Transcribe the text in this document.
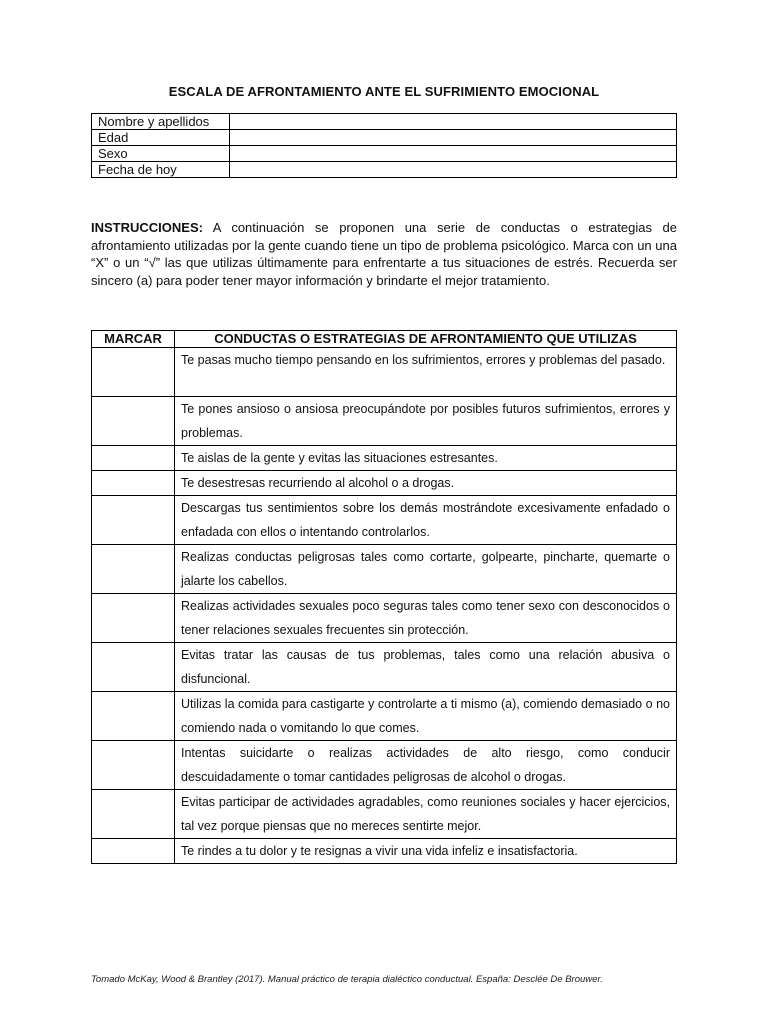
ESCALA DE AFRONTAMIENTO ANTE EL SUFRIMIENTO EMOCIONAL
Nombre y apellidos	
Edad	
Sexo	
Fecha de hoy	

INSTRUCCIONES: A continuación se proponen una serie de conductas o estrategias de afrontamiento utilizadas por la gente cuando tiene un tipo de problema psicológico. Marca con un una “X” o un “√” las que utilizas últimamente para enfrentarte a tus situaciones de estrés. Recuerda ser sincero (a) para poder tener mayor información y brindarte el mejor tratamiento.

MARCAR	CONDUCTAS O ESTRATEGIAS DE AFRONTAMIENTO QUE UTILIZAS
	Te pasas mucho tiempo pensando en los sufrimientos, errores y problemas del pasado.
	Te pones ansioso o ansiosa preocupándote por posibles futuros sufrimientos, errores y problemas.
	Te aislas de la gente y evitas las situaciones estresantes.
	Te desestresas recurriendo al alcohol o a drogas.
	Descargas tus sentimientos sobre los demás mostrándote excesivamente enfadado o enfadada con ellos o intentando controlarlos.
	Realizas conductas peligrosas tales como cortarte, golpearte, pincharte, quemarte o jalarte los cabellos.
	Realizas actividades sexuales poco seguras tales como tener sexo con desconocidos o tener relaciones sexuales frecuentes sin protección.
	Evitas tratar las causas de tus problemas, tales como una relación abusiva o disfuncional.
	Utilizas la comida para castigarte y controlarte a ti mismo (a), comiendo demasiado o no comiendo nada o vomitando lo que comes.
	Intentas suicidarte o realizas actividades de alto riesgo, como conducir descuidadamente o tomar cantidades peligrosas de alcohol o drogas.
	Evitas participar de actividades agradables, como reuniones sociales y hacer ejercicios, tal vez porque piensas que no mereces sentirte mejor.
	Te rindes a tu dolor y te resignas a vivir una vida infeliz e insatisfactoria.
Tomado McKay, Wood & Brantley (2017). Manual práctico de terapia dialéctico conductual. España: Desclée De Brouwer.
